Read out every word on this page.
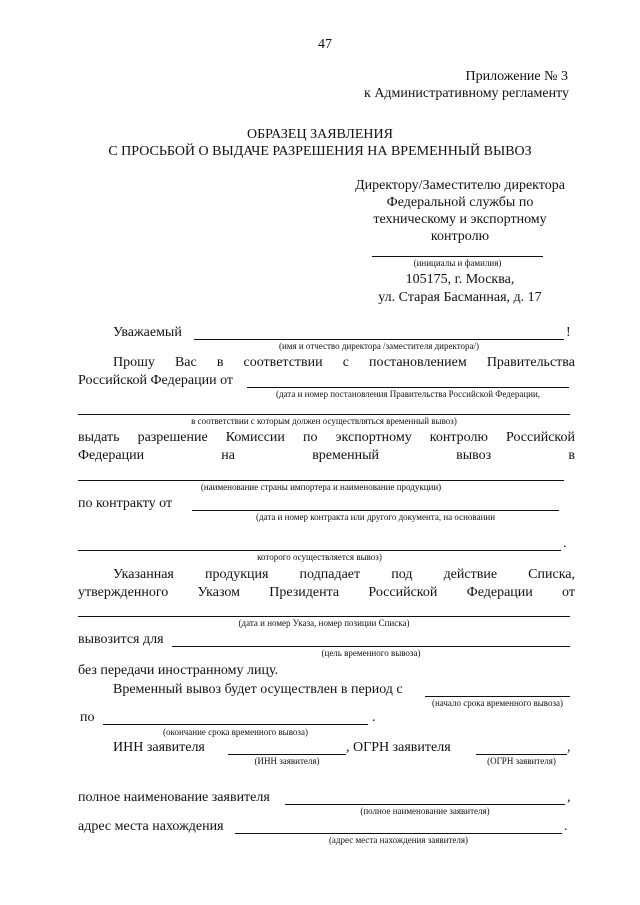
47
Приложение № 3
к Административному регламенту
ОБРАЗЕЦ ЗАЯВЛЕНИЯ
С ПРОСЬБОЙ О ВЫДАЧЕ РАЗРЕШЕНИЯ НА ВРЕМЕННЫЙ ВЫВОЗ
Директору/Заместителю директора
Федеральной службы по
техническому и экспортному
контролю
(инициалы и фамилия)
105175, г. Москва,
ул. Старая Басманная, д. 17
Уважаемый	!
(имя и отчество директора /заместителя директора/)
Прошу Вас в соответствии с постановлением Правительства
Российской Федерации от
(дата и номер постановления Правительства Российской Федерации,
в соответствии с которым должен осуществляться временный вывоз)
выдать разрешение Комиссии по экспортному контролю Российской
Федерации	на	временный	вывоз	в
(наименование страны импортера и наименование продукции)
по контракту от
(дата и номер контракта или другого документа, на основании
.
которого осуществляется вывоз)
Указанная продукция подпадает под действие Списка,
утвержденного Указом Президента Российской Федерации от
(дата и номер Указа, номер позиции Списка)
вывозится для
(цель временного вывоза)
без передачи иностранному лицу.
Временный вывоз будет осуществлен в период с
(начало срока временного вывоза)
по	.
(окончание срока временного вывоза)
ИНН заявителя
(ИНН заявителя)
, ОГРН заявителя	,
(ОГРН заявителя)
полное наименование заявителя	,
(полное наименование заявителя)
адрес места нахождения	.
(адрес места нахождения заявителя)
